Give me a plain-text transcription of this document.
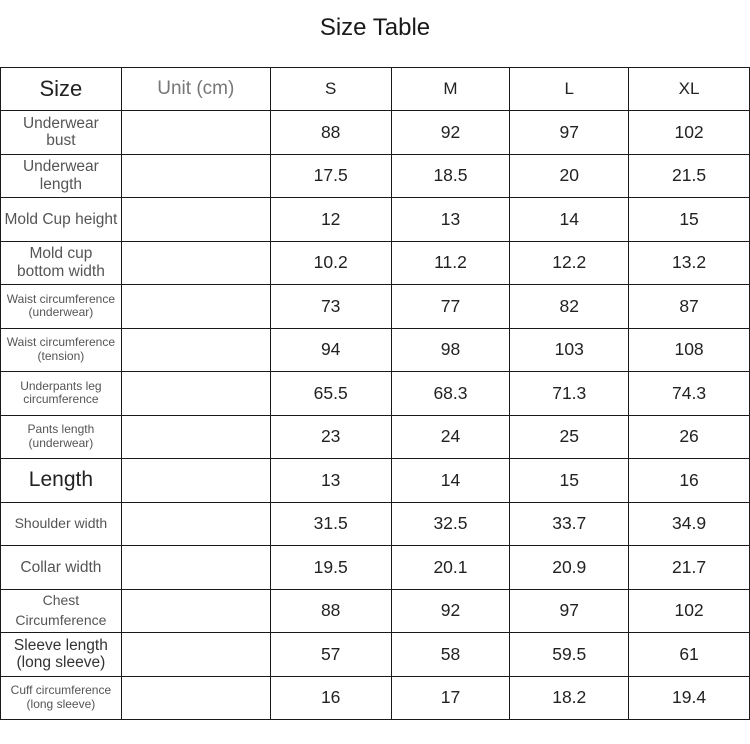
Size Table
Size	Unit (cm)	S	M	L	XL
Underwear
bust		88	92	97	102
Underwear
length		17.5	18.5	20	21.5
Mold Cup height		12	13	14	15
Mold cup
bottom width		10.2	11.2	12.2	13.2
Waist circumference
(underwear)		73	77	82	87
Waist circumference
(tension)		94	98	103	108
Underpants leg
circumference		65.5	68.3	71.3	74.3
Pants length
(underwear)		23	24	25	26
Length		13	14	15	16
Shoulder width		31.5	32.5	33.7	34.9
Collar width		19.5	20.1	20.9	21.7
Chest
Circumference		88	92	97	102
Sleeve length
(long sleeve)		57	58	59.5	61
Cuff circumference
(long sleeve)		16	17	18.2	19.4
